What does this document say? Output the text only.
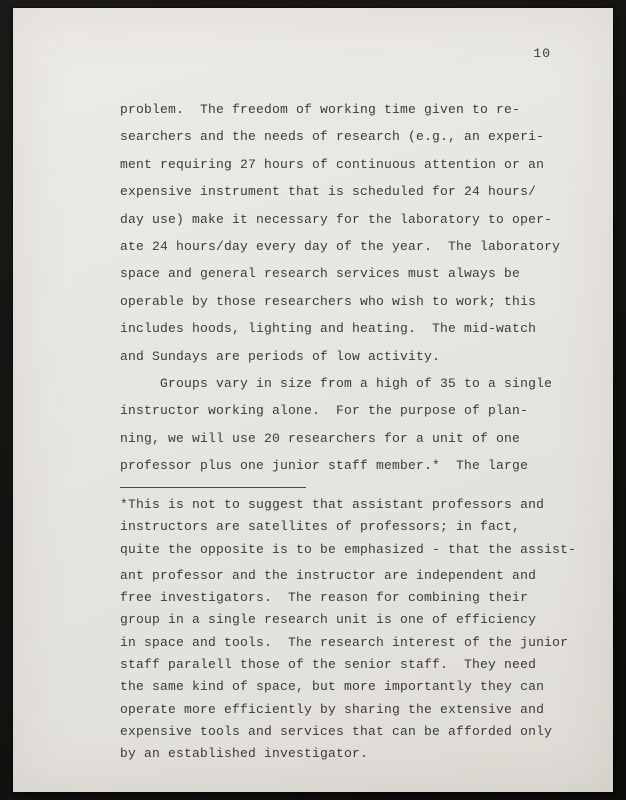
10
problem.  The freedom of working time given to re-
searchers and the needs of research (e.g., an experi-
ment requiring 27 hours of continuous attention or an
expensive instrument that is scheduled for 24 hours/
day use) make it necessary for the laboratory to oper-
ate 24 hours/day every day of the year.  The laboratory
space and general research services must always be
operable by those researchers who wish to work; this
includes hoods, lighting and heating.  The mid-watch
and Sundays are periods of low activity.
Groups vary in size from a high of 35 to a single
instructor working alone.  For the purpose of plan-
ning, we will use 20 researchers for a unit of one
professor plus one junior staff member.*  The large
*This is not to suggest that assistant professors and
instructors are satellites of professors; in fact,
quite the opposite is to be emphasized - that the assist-
ant professor and the instructor are independent and
free investigators.  The reason for combining their
group in a single research unit is one of efficiency
in space and tools.  The research interest of the junior
staff paralell those of the senior staff.  They need
the same kind of space, but more importantly they can
operate more efficiently by sharing the extensive and
expensive tools and services that can be afforded only
by an established investigator.
